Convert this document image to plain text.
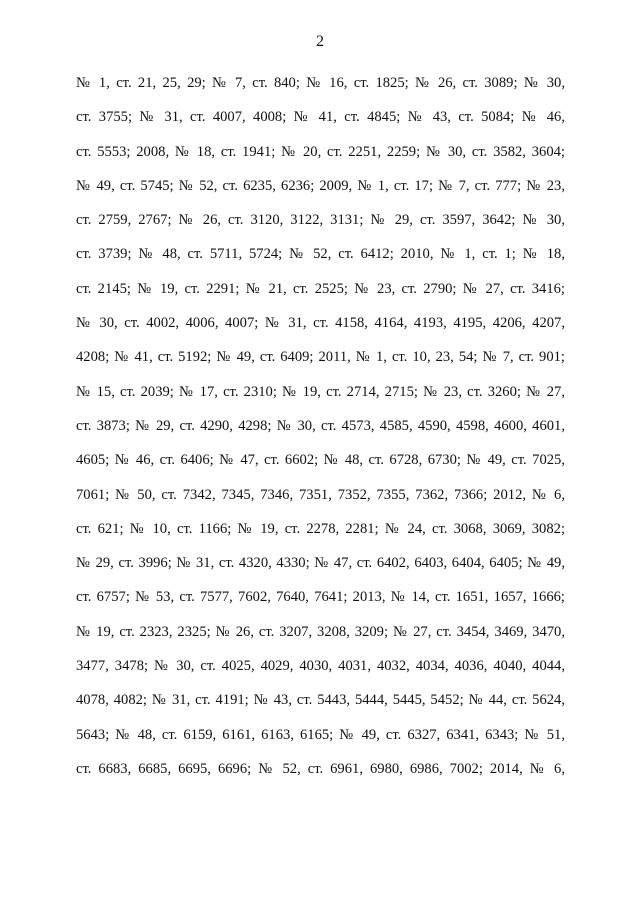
2
№ 1, ст. 21, 25, 29; № 7, ст. 840; № 16, ст. 1825; № 26, ст. 3089; № 30,
ст. 3755; № 31, ст. 4007, 4008; № 41, ст. 4845; № 43, ст. 5084; № 46,
ст. 5553; 2008, № 18, ст. 1941; № 20, ст. 2251, 2259; № 30, ст. 3582, 3604;
№ 49, ст. 5745; № 52, ст. 6235, 6236; 2009, № 1, ст. 17; № 7, ст. 777; № 23,
ст. 2759, 2767; № 26, ст. 3120, 3122, 3131; № 29, ст. 3597, 3642; № 30,
ст. 3739; № 48, ст. 5711, 5724; № 52, ст. 6412; 2010, № 1, ст. 1; № 18,
ст. 2145; № 19, ст. 2291; № 21, ст. 2525; № 23, ст. 2790; № 27, ст. 3416;
№ 30, ст. 4002, 4006, 4007; № 31, ст. 4158, 4164, 4193, 4195, 4206, 4207,
4208; № 41, ст. 5192; № 49, ст. 6409; 2011, № 1, ст. 10, 23, 54; № 7, ст. 901;
№ 15, ст. 2039; № 17, ст. 2310; № 19, ст. 2714, 2715; № 23, ст. 3260; № 27,
ст. 3873; № 29, ст. 4290, 4298; № 30, ст. 4573, 4585, 4590, 4598, 4600, 4601,
4605; № 46, ст. 6406; № 47, ст. 6602; № 48, ст. 6728, 6730; № 49, ст. 7025,
7061; № 50, ст. 7342, 7345, 7346, 7351, 7352, 7355, 7362, 7366; 2012, № 6,
ст. 621; № 10, ст. 1166; № 19, ст. 2278, 2281; № 24, ст. 3068, 3069, 3082;
№ 29, ст. 3996; № 31, ст. 4320, 4330; № 47, ст. 6402, 6403, 6404, 6405; № 49,
ст. 6757; № 53, ст. 7577, 7602, 7640, 7641; 2013, № 14, ст. 1651, 1657, 1666;
№ 19, ст. 2323, 2325; № 26, ст. 3207, 3208, 3209; № 27, ст. 3454, 3469, 3470,
3477, 3478; № 30, ст. 4025, 4029, 4030, 4031, 4032, 4034, 4036, 4040, 4044,
4078, 4082; № 31, ст. 4191; № 43, ст. 5443, 5444, 5445, 5452; № 44, ст. 5624,
5643; № 48, ст. 6159, 6161, 6163, 6165; № 49, ст. 6327, 6341, 6343; № 51,
ст. 6683, 6685, 6695, 6696; № 52, ст. 6961, 6980, 6986, 7002; 2014, № 6,
